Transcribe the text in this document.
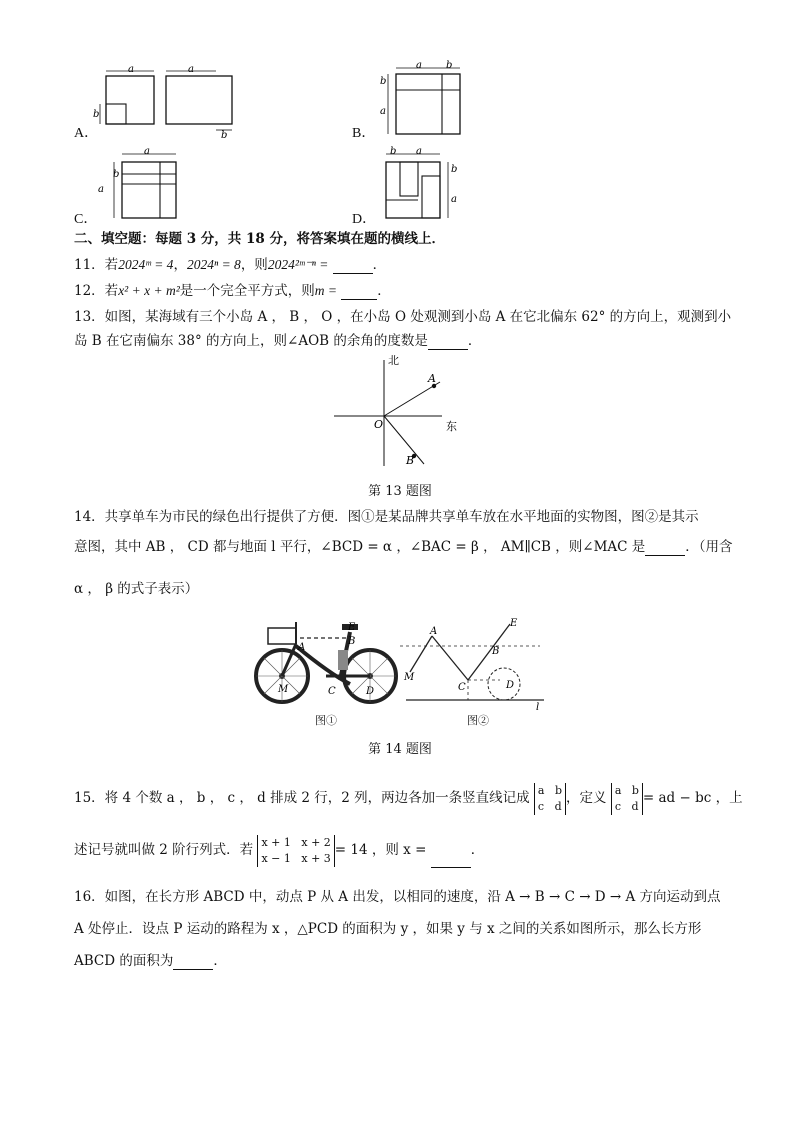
a
b
a
b
A．
a b
b
a
B．
a
b
a
C．
b a
b
a
D．
二、填空题：每题 3 分，共 18 分，将答案填在题的横线上．
11．若2024ᵐ = 4，2024ⁿ = 8，则2024²ᵐ⁻ⁿ =	．
12．若x² + x + m²是一个完全平方式，则m =	．
13．如图，某海域有三个小岛 A ， B ， O ，在小岛 O 处观测到小岛 A 在它北偏东 62° 的方向上，观测到小
岛 B 在它南偏东 38° 的方向上，则∠AOB 的余角的度数是	．
北
东
A
B
O
第 13 题图
14．共享单车为市民的绿色出行提供了方便．图①是某品牌共享单车放在水平地面的实物图，图②是其示
意图，其中 AB ， CD 都与地面 l 平行，∠BCD = α ，∠BAC = β ， AM∥CB ，则∠MAC 是	．（用含
α ， β 的式子表示）
E
B
A
C	D
M
图①
E
A
B
C	D
M
l
图②
第 14 题图
15．将 4 个数 a ， b ， c ， d 排成 2 行，2 列，两边各加一条竖直线记成 a   b
c   d ，定义 a   b
c   d = ad − bc ，上
述记号就叫做 2 阶行列式．若 x + 1   x + 2
x − 1   x + 3 = 14 ，则 x =	．
16．如图，在长方形 ABCD 中，动点 P 从 A 出发，以相同的速度，沿 A → B → C → D → A 方向运动到点
A 处停止．设点 P 运动的路程为 x ，△PCD 的面积为 y ，如果 y 与 x 之间的关系如图所示，那么长方形
ABCD 的面积为	．
